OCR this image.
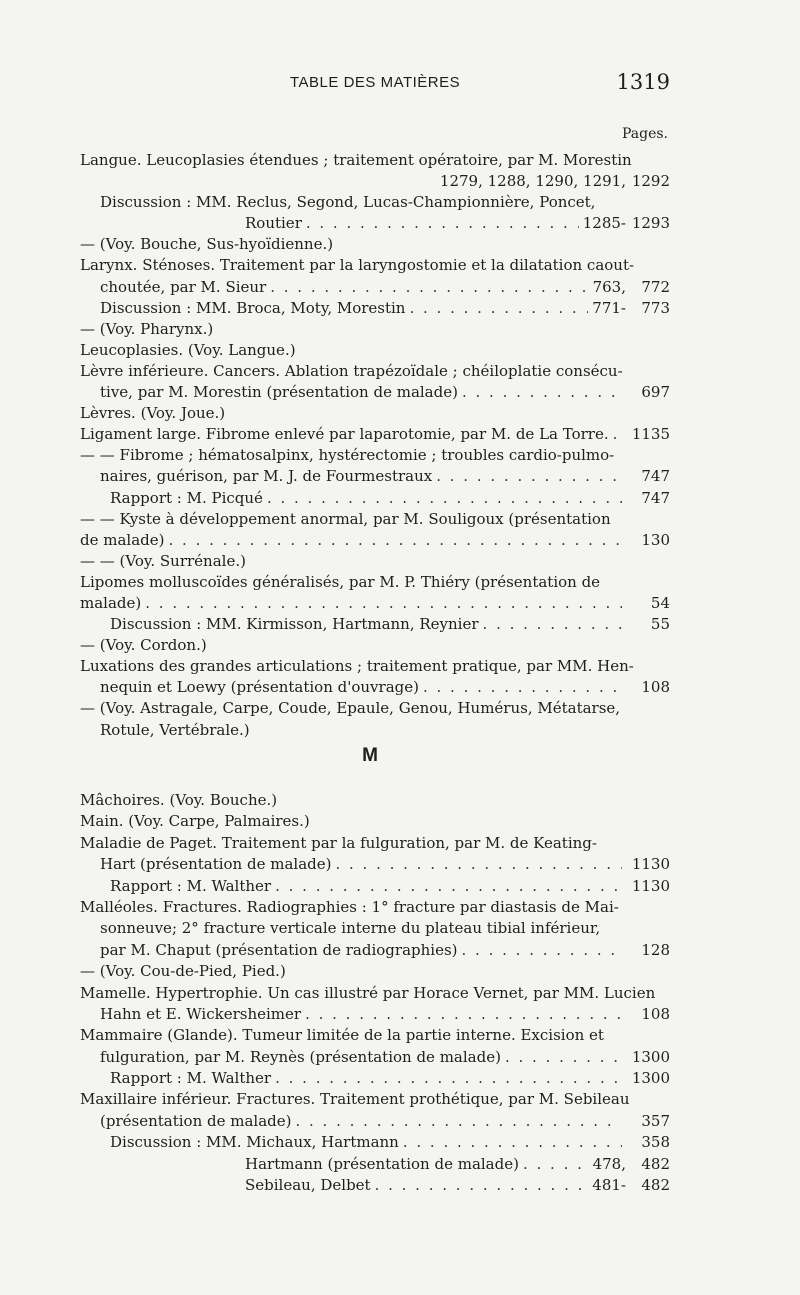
TABLE DES MATIÈRES	1319
Pages.
Langue. Leucoplasies étendues ; traitement opératoire, par M. Morestin
1279, 1288, 1290, 1291, 1292
Discussion : MM. Reclus, Segond, Lucas-Championnière, Poncet,
Routier . . .	1285- 1293
— (Voy. Bouche, Sus-hyoïdienne.)
Larynx. Sténoses. Traitement par la laryngostomie et la dilatation caout-
choutée, par M. Sieur . . .	763,	772
Discussion : MM. Broca, Moty, Morestin . . .	771-	773
— (Voy. Pharynx.)
Leucoplasies. (Voy. Langue.)
Lèvre inférieure. Cancers. Ablation trapézoïdale ; chéiloplatie consécu-
tive, par M. Morestin (présentation de malade) . . .	697
Lèvres. (Voy. Joue.)
Ligament large. Fibrome enlevé par laparotomie, par M. de La Torre. . . .	1135
— — Fibrome ; hématosalpinx, hystérectomie ; troubles cardio-pulmo-
naires, guérison, par M. J. de Fourmestraux . . .	747
Rapport : M. Picqué . . .	747
— — Kyste à développement anormal, par M. Souligoux (présentation
de malade) . . .	130
— — (Voy. Surrénale.)
Lipomes molluscoïdes généralisés, par M. P. Thiéry (présentation de
malade) . . .	54
Discussion : MM. Kirmisson, Hartmann, Reynier . . .	55
— (Voy. Cordon.)
Luxations des grandes articulations ; traitement pratique, par MM. Hen-
nequin et Loewy (présentation d'ouvrage) . . .	108
— (Voy. Astragale, Carpe, Coude, Epaule, Genou, Humérus, Métatarse,
Rotule, Vertébrale.)
M
Mâchoires. (Voy. Bouche.)
Main. (Voy. Carpe, Palmaires.)
Maladie de Paget. Traitement par la fulguration, par M. de Keating-
Hart (présentation de malade) . . .	1130
Rapport : M. Walther . . .	1130
Malléoles. Fractures. Radiographies : 1° fracture par diastasis de Mai-
sonneuve; 2° fracture verticale interne du plateau tibial inférieur,
par M. Chaput (présentation de radiographies) . . .	128
— (Voy. Cou-de-Pied, Pied.)
Mamelle. Hypertrophie. Un cas illustré par Horace Vernet, par MM. Lucien
Hahn et E. Wickersheimer . . .	108
Mammaire (Glande). Tumeur limitée de la partie interne. Excision et
fulguration, par M. Reynès (présentation de malade) . . .	1300
Rapport : M. Walther . . .	1300
Maxillaire inférieur. Fractures. Traitement prothétique, par M. Sebileau
(présentation de malade) . . .	357
Discussion : MM. Michaux, Hartmann . . .	358
Hartmann (présentation de malade) . . .	478,	482
Sebileau, Delbet . . .	481-	482
